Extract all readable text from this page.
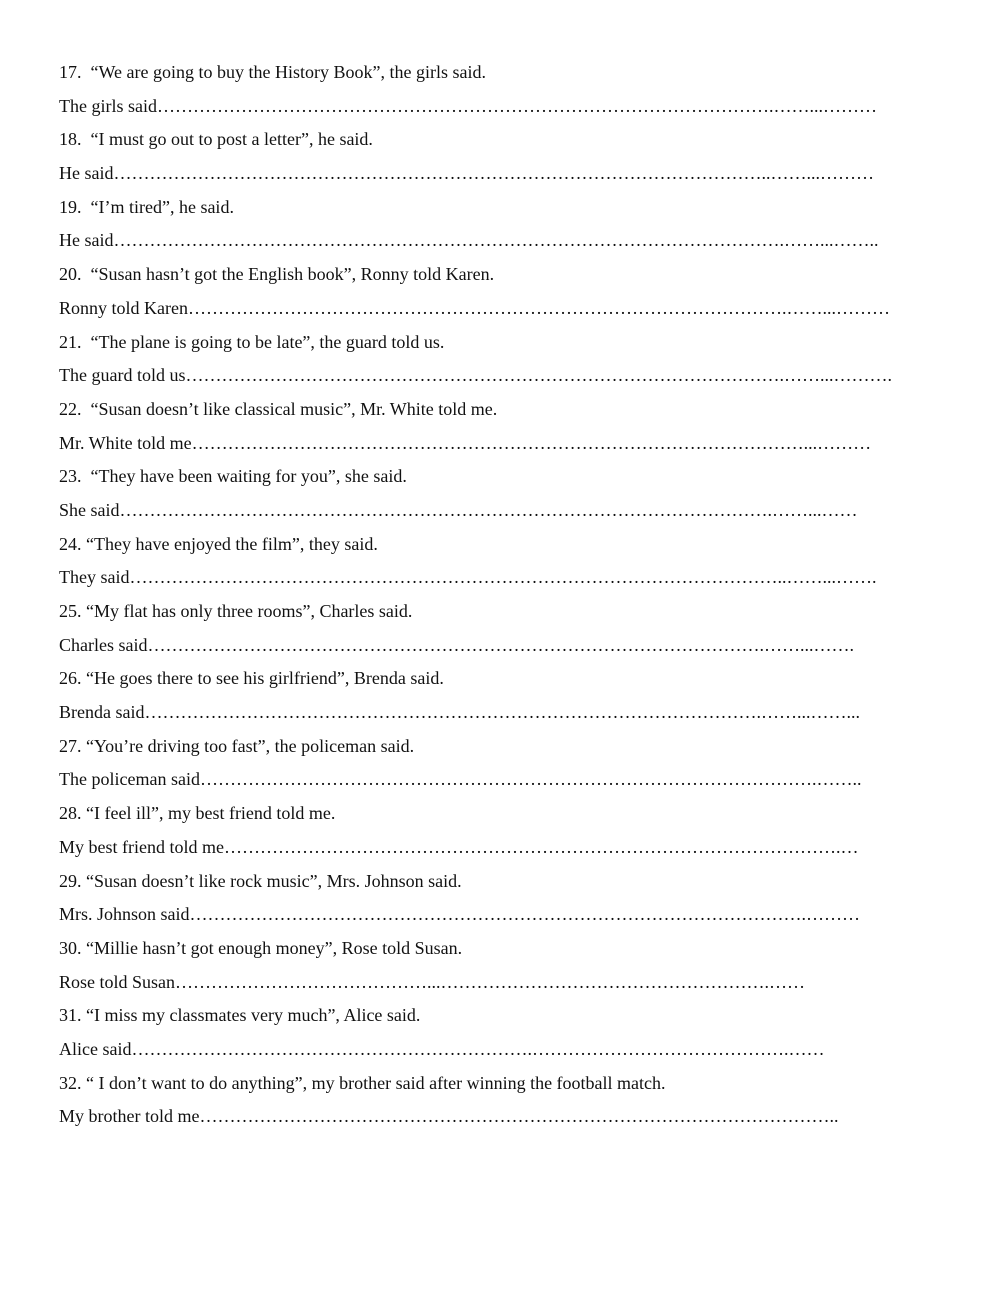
17. “We are going to buy the History Book”, the girls said.
The girls said………………………………………………………………………………………….……...………
18. “I must go out to post a letter”, he said.
He said………………………………………………………………………………………………..……...………
19. “I’m tired”, he said.
He said………………………………………………………………………………………………….……...……..
20. “Susan hasn’t got the English book”, Ronny told Karen.
Ronny told Karen……………………………………………………………………………………….……...………
21. “The plane is going to be late”, the guard told us.
The guard told us……………………………………………………………………………………….……...……….
22. “Susan doesn’t like classical music”, Mr. White told me.
Mr. White told me…………………………………………………………………………………………...………
23. “They have been waiting for you”, she said.
She said……………………………………………………………………………………………….……...……
24. “They have enjoyed the film”, they said.
They said………………………………………………………………………………………………..……...…….
25. “My flat has only three rooms”, Charles said.
Charles said………………………………………………………………………………………….……...…….
26. “He goes there to see his girlfriend”, Brenda said.
Brenda said………………………………………………………………………………………….……...……...
27. “You’re driving too fast”, the policeman said.
The policeman said………………………………………………………………………………………….……..
28. “I feel ill”, my best friend told me.
My best friend told me………………………………………………………………………………………….…
29. “Susan doesn’t like rock music”, Mrs. Johnson said.
Mrs. Johnson said………………………………………………………………………………………….………
30. “Millie hasn’t got enough money”, Rose told Susan.
Rose told Susan……………………………………...……………………………………………….……
31. “I miss my classmates very much”, Alice said.
Alice said………………………………………………………….…………………………………….……
32. “ I don’t want to do anything”, my brother said after winning the football match.
My brother told me……………………………………………………………………………………………..
